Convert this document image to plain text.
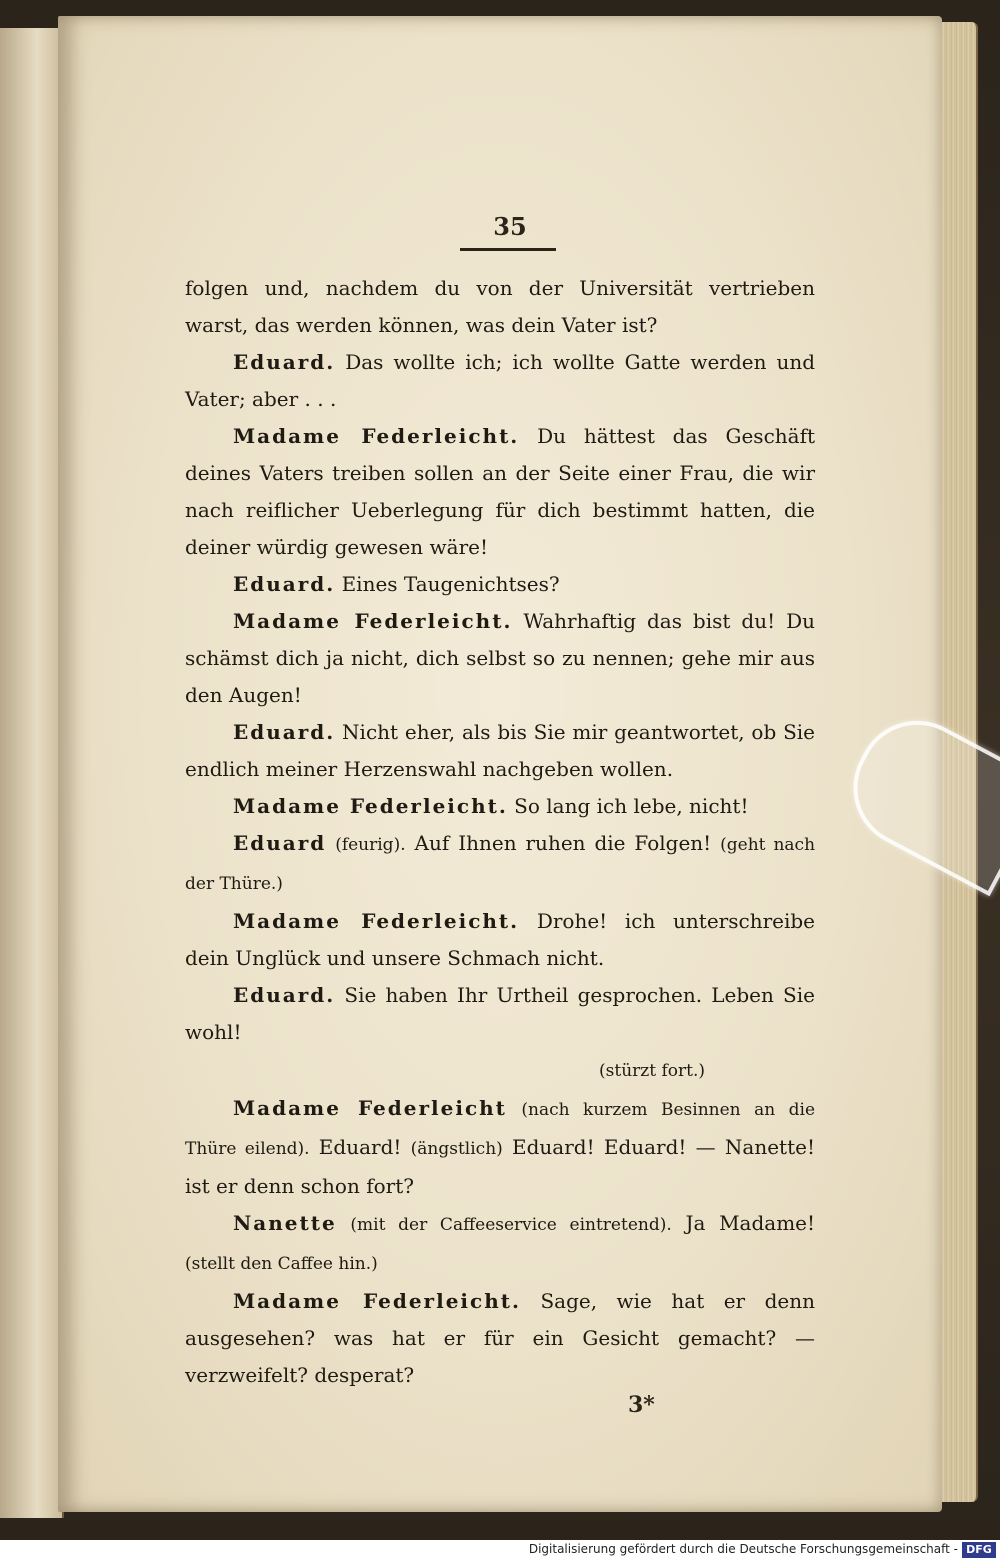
35

folgen und, nachdem du von der Universität vertrieben warst, das werden können, was dein Vater ist?

Eduard. Das wollte ich; ich wollte Gatte werden und Vater; aber . . .

Madame Federleicht. Du hättest das Geschäft deines Vaters treiben sollen an der Seite einer Frau, die wir nach reiflicher Ueberlegung für dich bestimmt hatten, die deiner würdig gewesen wäre!

Eduard. Eines Taugenichtses?

Madame Federleicht. Wahrhaftig das bist du! Du schämst dich ja nicht, dich selbst so zu nennen; gehe mir aus den Augen!

Eduard. Nicht eher, als bis Sie mir geantwortet, ob Sie endlich meiner Herzenswahl nachgeben wollen.

Madame Federleicht. So lang ich lebe, nicht!

Eduard (feurig). Auf Ihnen ruhen die Folgen! (geht nach der Thüre.)

Madame Federleicht. Drohe! ich unterschreibe dein Unglück und unsere Schmach nicht.

Eduard. Sie haben Ihr Urtheil gesprochen. Leben Sie wohl!

(stürzt fort.)

Madame Federleicht (nach kurzem Besinnen an die Thüre eilend). Eduard! (ängstlich) Eduard! Eduard! — Nanette! ist er denn schon fort?

Nanette (mit der Caffeeservice eintretend). Ja Madame! (stellt den Caffee hin.)

Madame Federleicht. Sage, wie hat er denn ausgesehen? was hat er für ein Gesicht gemacht? — verzweifelt? desperat?

3*
Digitalisierung gefördert durch die Deutsche Forschungsgemeinschaft - DFG
